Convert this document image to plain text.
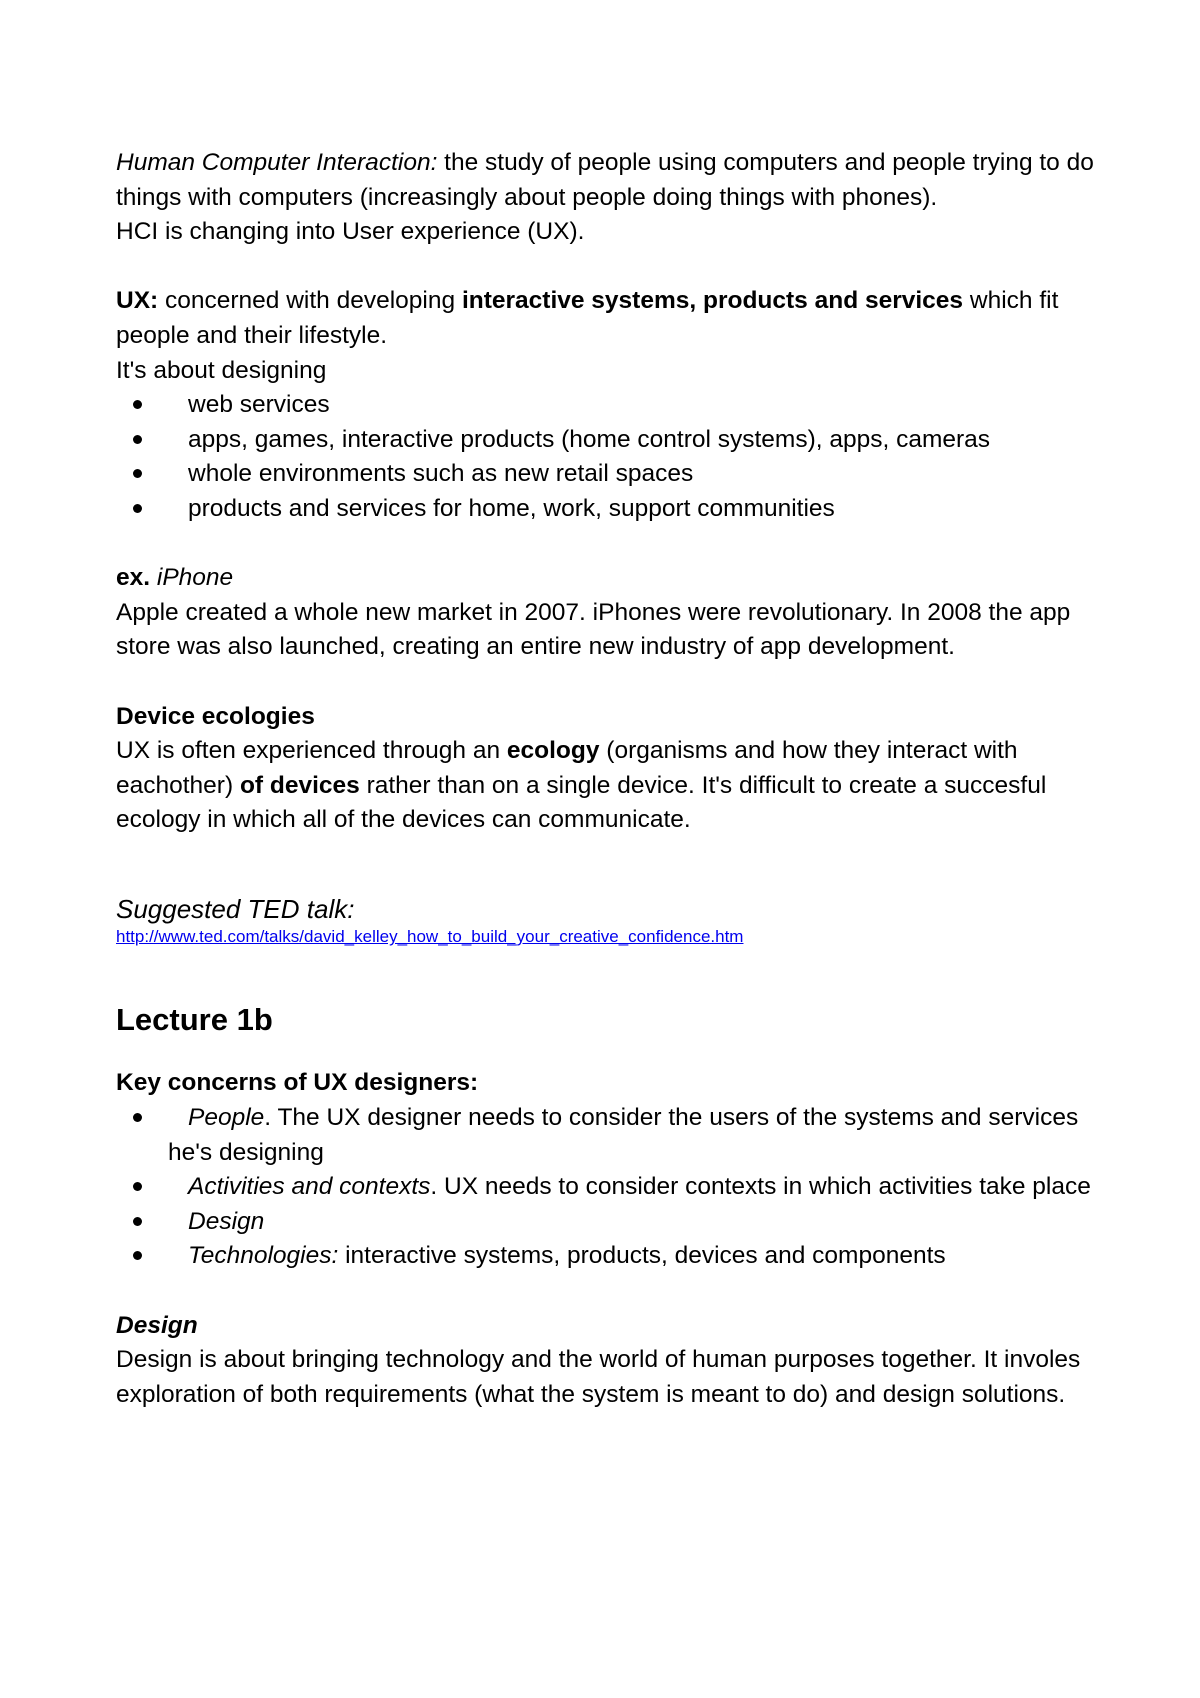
Human Computer Interaction: the study of people using computers and people trying to do things with computers (increasingly about people doing things with phones).

HCI is changing into User experience (UX).

UX: concerned with developing interactive systems, products and services which fit people and their lifestyle.

It's about designing

web services
apps, games, interactive products (home control systems), apps, cameras
whole environments such as new retail spaces
products and services for home, work, support communities

ex. iPhone

Apple created a whole new market in 2007. iPhones were revolutionary. In 2008 the app store was also launched, creating an entire new industry of app development.

Device ecologies

UX is often experienced through an ecology (organisms and how they interact with eachother) of devices rather than on a single device. It's difficult to create a succesful ecology in which all of the devices can communicate.

Suggested TED talk:

http://www.ted.com/talks/david_kelley_how_to_build_your_creative_confidence.htm

Lecture 1b

Key concerns of UX designers:

People. The UX designer needs to consider the users of the systems and services he's designing
Activities and contexts. UX needs to consider contexts in which activities take place
Design
Technologies: interactive systems, products, devices and components

Design

Design is about bringing technology and the world of human purposes together. It involes exploration of both requirements (what the system is meant to do) and design solutions.
